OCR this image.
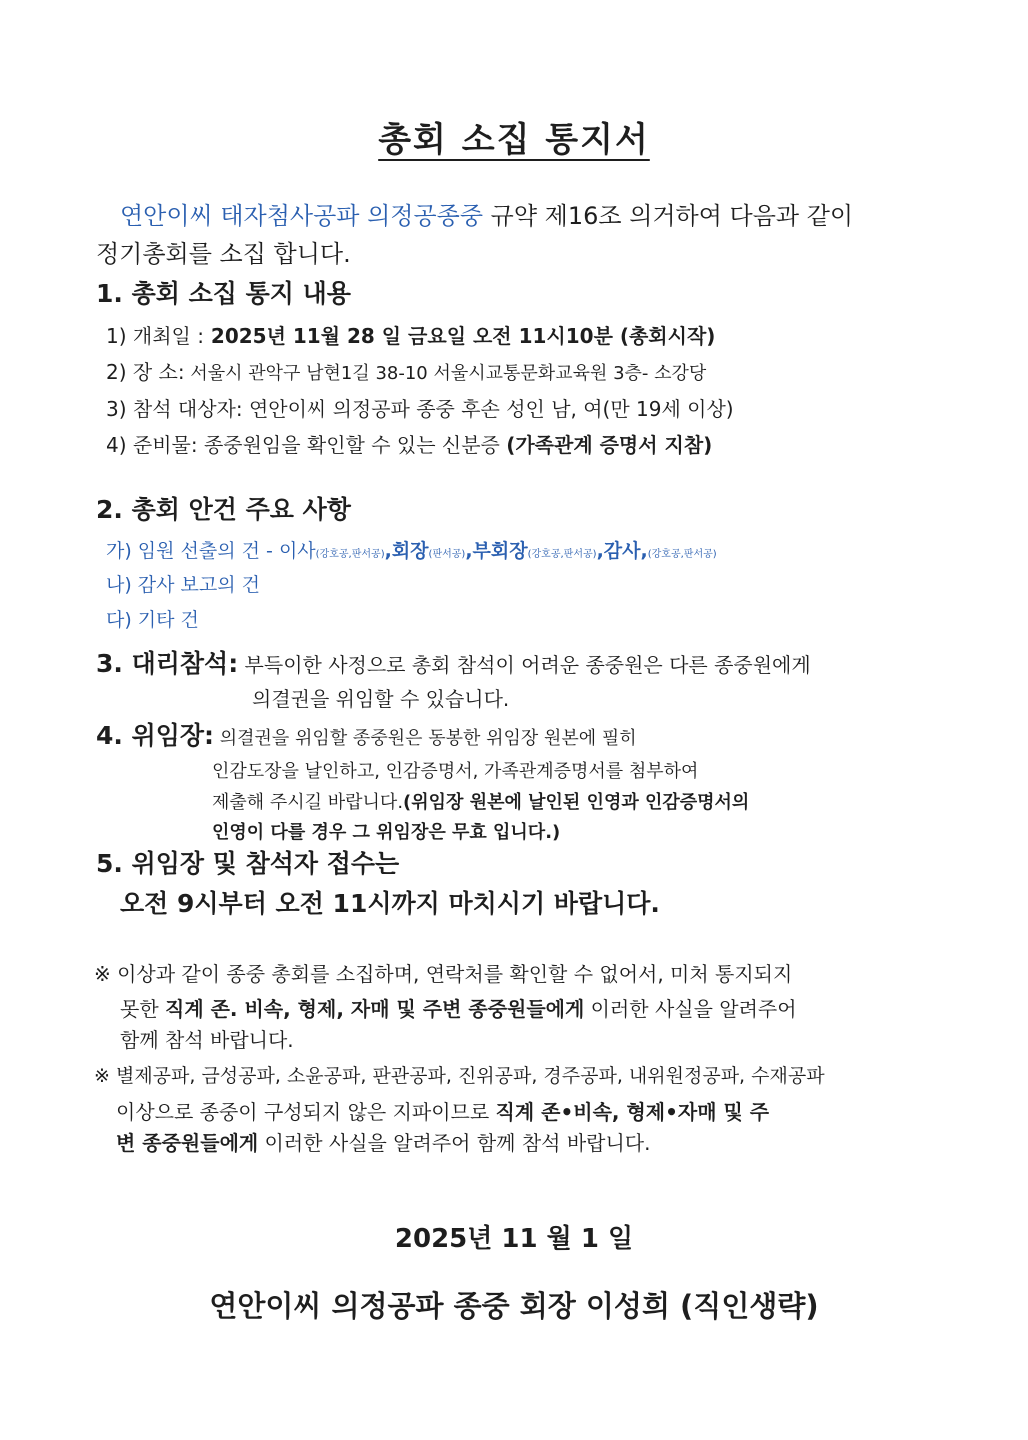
총회 소집 통지서
연안이씨 태자첨사공파 의정공종중 규약 제16조 의거하여 다음과 같이
정기총회를 소집 합니다.
1. 총회 소집 통지 내용
1) 개최일 : 2025년 11월 28 일 금요일 오전 11시10분 (총회시작)
2) 장 소: 서울시 관악구 남현1길 38-10 서울시교통문화교육원 3층- 소강당
3) 참석 대상자: 연안이씨 의정공파 종중 후손 성인 남, 여(만 19세 이상)
4) 준비물: 종중원임을 확인할 수 있는 신분증 (가족관계 증명서 지참)
2. 총회 안건 주요 사항
가) 임원 선출의 건 - 이사(강호공,판서공),회장(판서공),부회장(강호공,판서공),감사,(강호공,판서공)
나) 감사 보고의 건
다) 기타 건
3. 대리참석: 부득이한 사정으로 총회 참석이 어려운 종중원은 다른 종중원에게
의결권을 위임할 수 있습니다.
4. 위임장: 의결권을 위임할 종중원은 동봉한 위임장 원본에 필히
인감도장을 날인하고, 인감증명서, 가족관계증명서를 첨부하여
제출해 주시길 바랍니다.(위임장 원본에 날인된 인영과 인감증명서의
인영이 다를 경우 그 위임장은 무효 입니다.)
5. 위임장 및 참석자 접수는
오전 9시부터 오전 11시까지 마치시기 바랍니다.
※ 이상과 같이 종중 총회를 소집하며, 연락처를 확인할 수 없어서, 미처 통지되지
못한 직계 존. 비속, 형제, 자매 및 주변 종중원들에게 이러한 사실을 알려주어
함께 참석 바랍니다.
※ 별제공파, 금성공파, 소윤공파, 판관공파, 진위공파, 경주공파, 내위원정공파, 수재공파
이상으로 종중이 구성되지 않은 지파이므로 직계 존•비속, 형제•자매 및 주
변 종중원들에게 이러한 사실을 알려주어 함께 참석 바랍니다.
2025년 11 월 1 일
연안이씨 의정공파 종중 회장 이성희 (직인생략)
